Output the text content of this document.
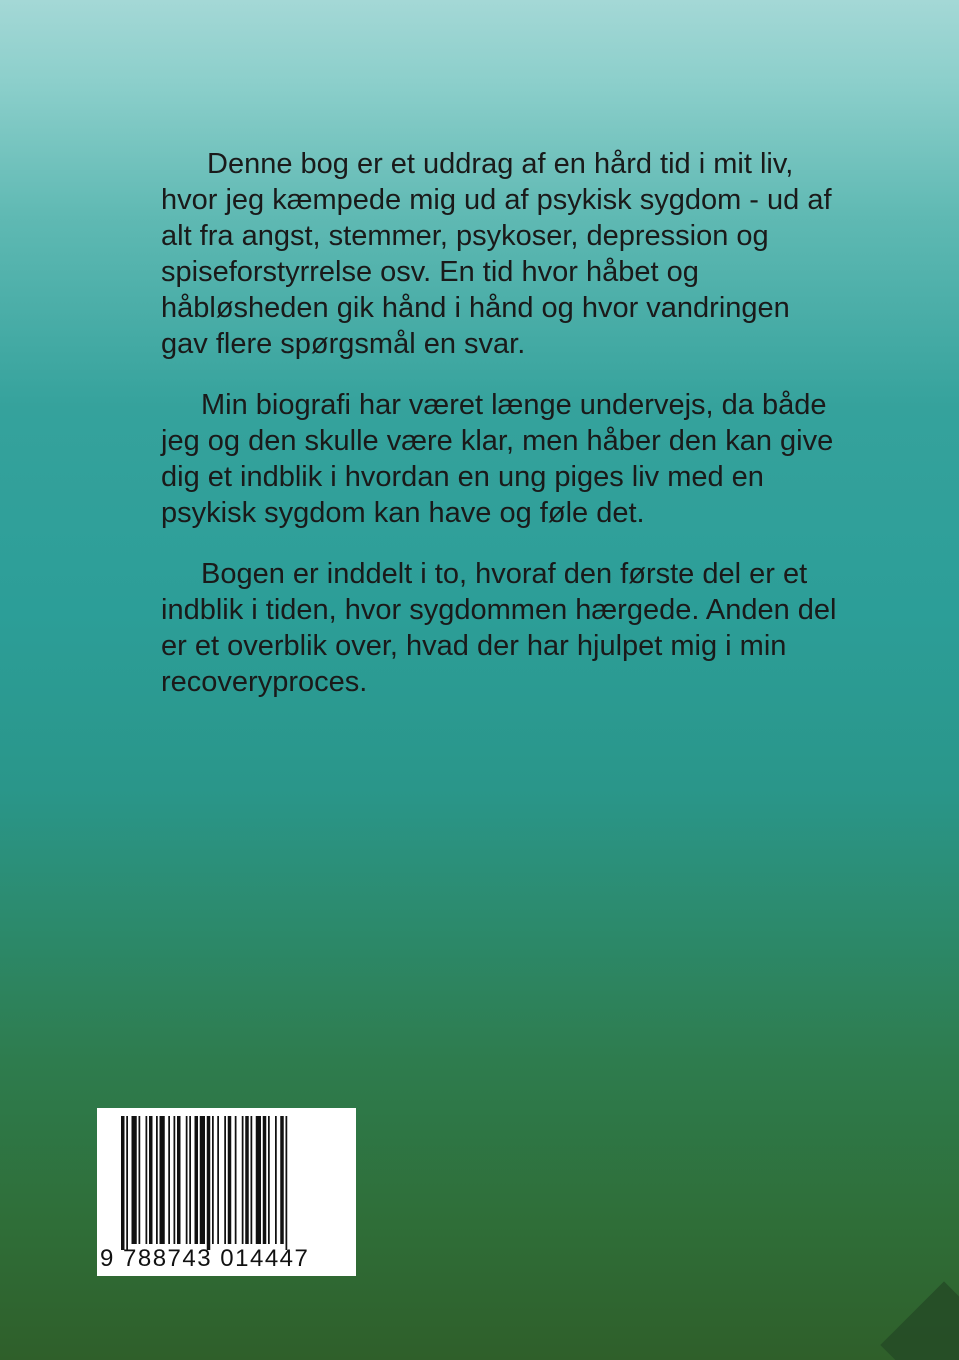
Denne bog er et uddrag af en hård tid i mit liv, hvor jeg kæmpede mig ud af psykisk sygdom - ud af alt fra angst, stemmer, psykoser, depression og spiseforstyrrelse osv. En tid hvor håbet og håbløsheden gik hånd i hånd og hvor vandringen gav flere spørgsmål en svar.

Min biografi har været længe undervejs, da både jeg og den skulle være klar, men håber den kan give dig et indblik i hvordan en ung piges liv med en psykisk sygdom kan have og føle det.

Bogen er inddelt i to, hvoraf den første del er et indblik i tiden, hvor sygdommen hærgede. Anden del er et overblik over, hvad der har hjulpet mig i min recoveryproces.

9 788743 014447
